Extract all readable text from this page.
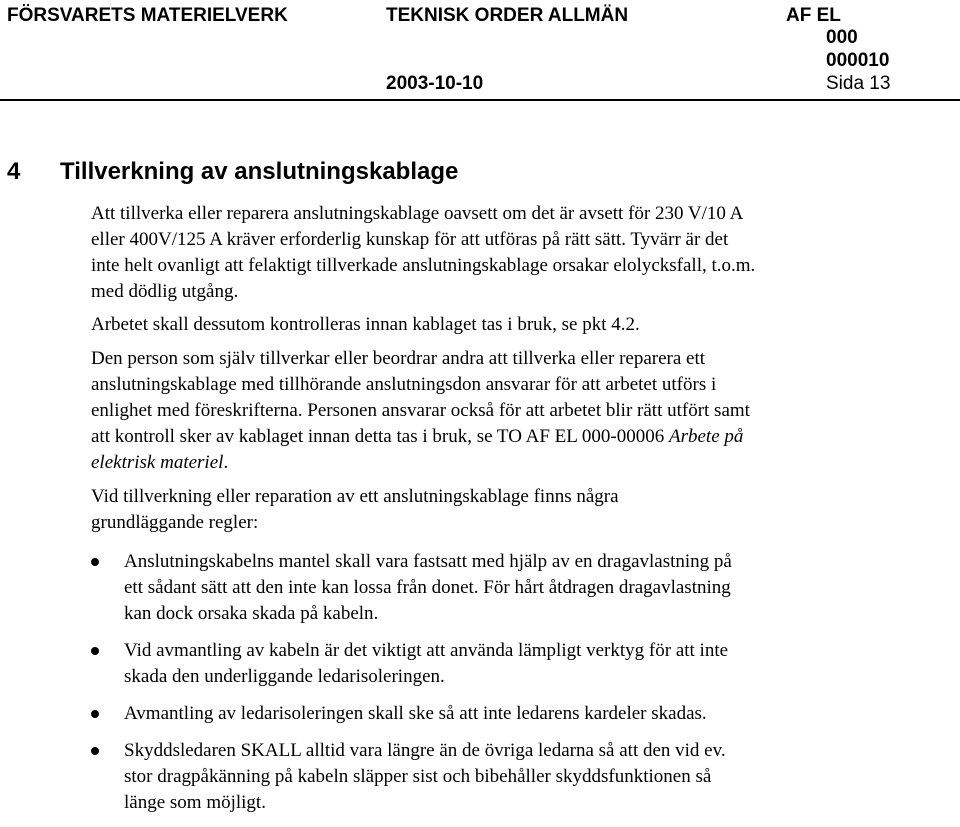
FÖRSVARETS MATERIELVERK	TEKNISK ORDER ALLMÄN	AF EL
000
000010
2003-10-10	Sida 13
4 Tillverkning av anslutningskablage

Att tillverka eller reparera anslutningskablage oavsett om det är avsett för 230 V/10 A eller 400V/125 A kräver erforderlig kunskap för att utföras på rätt sätt. Tyvärr är det inte helt ovanligt att felaktigt tillverkade anslutningskablage orsakar elolycksfall, t.o.m. med dödlig utgång.

Arbetet skall dessutom kontrolleras innan kablaget tas i bruk, se pkt 4.2.

Den person som själv tillverkar eller beordrar andra att tillverka eller reparera ett anslutningskablage med tillhörande anslutningsdon ansvarar för att arbetet utförs i enlighet med föreskrifterna. Personen ansvarar också för att arbetet blir rätt utfört samt att kontroll sker av kablaget innan detta tas i bruk, se TO AF EL 000-00006 Arbete på elektrisk materiel.

Vid tillverkning eller reparation av ett anslutningskablage finns några grundläggande regler:

Anslutningskabelns mantel skall vara fastsatt med hjälp av en dragavlastning på ett sådant sätt att den inte kan lossa från donet. För hårt åtdragen dragavlastning kan dock orsaka skada på kabeln.
Vid avmantling av kabeln är det viktigt att använda lämpligt verktyg för att inte skada den underliggande ledarisoleringen.
Avmantling av ledarisoleringen skall ske så att inte ledarens kardeler skadas.
Skyddsledaren SKALL alltid vara längre än de övriga ledarna så att den vid ev. stor dragpåkänning på kabeln släpper sist och bibehåller skyddsfunktionen så länge som möjligt.
